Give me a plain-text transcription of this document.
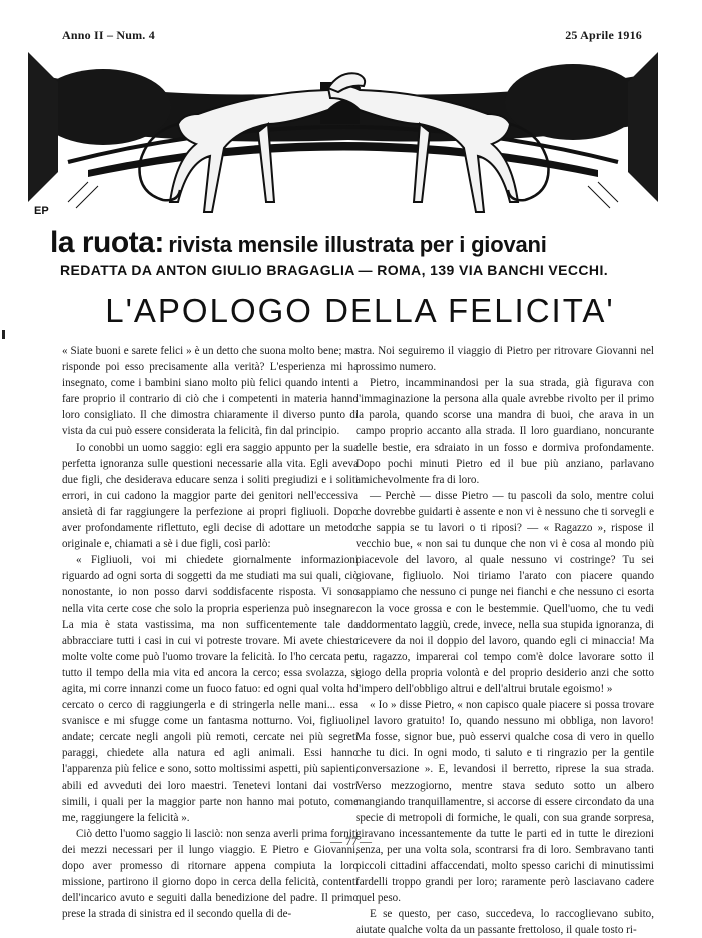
Anno II – Num. 4	25 Aprile 1916
EP
la ruota: rivista mensile illustrata per i giovani
REDATTA DA ANTON GIULIO BRAGAGLIA — ROMA, 139 VIA BANCHI VECCHI.
L'APOLOGO DELLA FELICITA'

« Siate buoni e sarete felici » è un detto che suona molto bene; ma risponde poi esso precisamente alla verità? L'esperienza mi ha insegnato, come i bambini siano molto più felici quando intenti a fare proprio il contrario di ciò che i competenti in materia hanno loro consigliato. Il che dimostra chiaramente il diverso punto di vista da cui può essere considerata la felicità, fin dal principio.

Io conobbi un uomo saggio: egli era saggio appunto per la sua perfetta ignoranza sulle questioni necessarie alla vita. Egli aveva due figli, che desiderava educare senza i soliti pregiudizi e i soliti errori, in cui cadono la maggior parte dei genitori nell'eccessiva ansietà di far raggiungere la perfezione ai propri figliuoli. Dopo aver profondamente riflettuto, egli decise di adottare un metodo originale e, chiamati a sè i due figli, così parlò:

« Figliuoli, voi mi chiedete giornalmente informazioni riguardo ad ogni sorta di soggetti da me studiati ma sui quali, ciò nonostante, io non posso darvi soddisfacente risposta. Vi sono nella vita certe cose che solo la propria esperienza può insegnare. La mia è stata vastissima, ma non sufficentemente tale da abbracciare tutti i casi in cui vi potreste trovare. Mi avete chiesto molte volte come può l'uomo trovare la felicità. Io l'ho cercata per tutto il tempo della mia vita ed ancora la cerco; essa svolazza, si agita, mi corre innanzi come un fuoco fatuo: ed ogni qual volta ho cercato o cerco di raggiungerla e di stringerla nelle mani... essa svanisce e mi sfugge come un fantasma notturno. Voi, figliuoli, andate; cercate negli angoli più remoti, cercate nei più segreti paraggi, chiedete alla natura ed agli animali. Essi hanno l'apparenza più felice e sono, sotto moltissimi aspetti, più sapienti, abili ed avveduti dei loro maestri. Tenetevi lontani dai vostri simili, i quali per la maggior parte non hanno mai potuto, come me, raggiungere la felicità ».

Ciò detto l'uomo saggio li lasciò: non senza averli prima forniti dei mezzi necessari per il lungo viaggio. E Pietro e Giovanni, dopo aver promesso di ritornare appena compiuta la loro missione, partirono il giorno dopo in cerca della felicità, contenti dell'incarico avuto e seguiti dalla benedizione del padre. Il primo prese la strada di sinistra ed il secondo quella di de-

stra. Noi seguiremo il viaggio di Pietro per ritrovare Giovanni nel prossimo numero.

Pietro, incamminandosi per la sua strada, già figurava con l'immaginazione la persona alla quale avrebbe rivolto per il primo la parola, quando scorse una mandra di buoi, che arava in un campo proprio accanto alla strada. Il loro guardiano, noncurante delle bestie, era sdraiato in un fosso e dormiva profondamente. Dopo pochi minuti Pietro ed il bue più anziano, parlavano amichevolmente fra di loro.

— Perchè — disse Pietro — tu pascoli da solo, mentre colui che dovrebbe guidarti è assente e non vi è nessuno che ti sorvegli e che sappia se tu lavori o ti riposi? — « Ragazzo », rispose il vecchio bue, « non sai tu dunque che non vi è cosa al mondo più piacevole del lavoro, al quale nessuno vi costringe? Tu sei giovane, figliuolo. Noi tiriamo l'arato con piacere quando sappiamo che nessuno ci punge nei fianchi e che nessuno ci esorta con la voce grossa e con le bestemmie. Quell'uomo, che tu vedi addormentato laggiù, crede, invece, nella sua stupida ignoranza, di ricevere da noi il doppio del lavoro, quando egli ci minaccia! Ma tu, ragazzo, imparerai col tempo com'è dolce lavorare sotto il giogo della propria volontà e del proprio desiderio anzi che sotto l'impero dell'obbligo altrui e dell'altrui brutale egoismo! »

« Io » disse Pietro, « non capisco quale piacere si possa trovare nel lavoro gratuito! Io, quando nessuno mi obbliga, non lavoro! Ma fosse, signor bue, può esservi qualche cosa di vero in quello che tu dici. In ogni modo, ti saluto e ti ringrazio per la gentile conversazione ». E, levandosi il berretto, riprese la sua strada. Verso mezzogiorno, mentre stava seduto sotto un albero mangiando tranquillamentre, si accorse di essere circondato da una specie di metropoli di formiche, le quali, con sua grande sorpresa, giravano incessantemente da tutte le parti ed in tutte le direzioni senza, per una volta sola, scontrarsi fra di loro. Sembravano tanti piccoli cittadini affaccendati, molto spesso carichi di minutissimi fardelli troppo grandi per loro; raramente però lasciavano cadere quel peso.

E se questo, per caso, succedeva, lo raccoglievano subito, aiutate qualche volta da un passante frettoloso, il quale tosto ri-

— 77 —
